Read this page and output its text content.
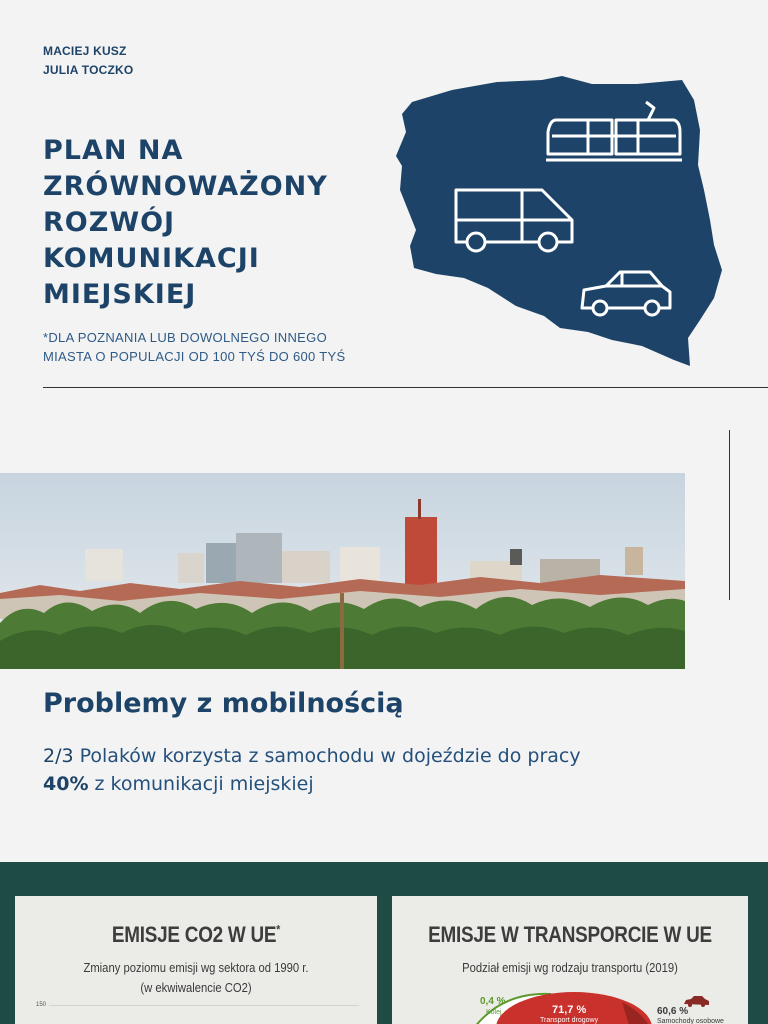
MACIEJ KUSZ
JULIA TOCZKO
PLAN NA
ZRÓWNOWAŻONY
ROZWÓJ
KOMUNIKACJI
MIEJSKIEJ
*DLA POZNANIA LUB DOWOLNEGO INNEGO
MIASTA O POPULACJI OD 100 TYŚ DO 600 TYŚ
Problemy z mobilnością
2/3 Polaków korzysta z samochodu w dojeździe do pracy
40% z komunikacji miejskiej
EMISJE CO2 W UE*
Zmiany poziomu emisji wg sektora od 1990 r.
(w ekwiwalencie CO2)
150
EMISJE W TRANSPORCIE W UE
Podział emisji wg rodzaju transportu (2019)
0,4 %
Kolej	71,7 %
Transport drogowy
60,6 %
Samochody osobowe
